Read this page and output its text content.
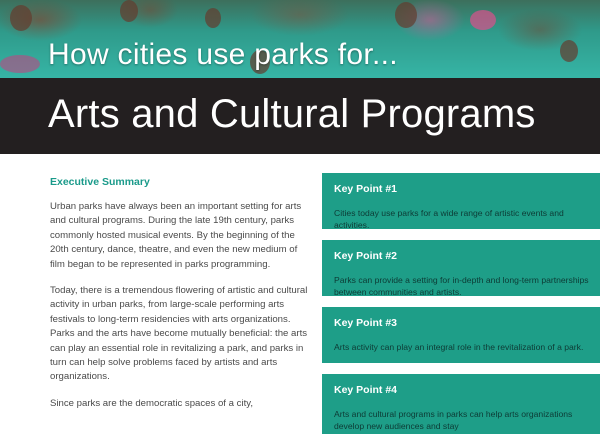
How cities use parks for...
Arts and Cultural Programs
Executive Summary

Urban parks have always been an important setting for arts and cultural programs. During the late 19th century, parks commonly hosted musical events. By the beginning of the 20th century, dance, theatre, and even the new medium of film began to be represented in parks programming.

Today, there is a tremendous flowering of artistic and cultural activity in urban parks, from large-scale performing arts festivals to long-term residencies with arts organizations. Parks and the arts have become mutually beneficial: the arts can play an essential role in revitalizing a park, and parks in turn can help solve problems faced by artists and arts organizations.

Since parks are the democratic spaces of a city,

Key Point #1
Cities today use parks for a wide range of artistic events and activities.
Key Point #2
Parks can provide a setting for in-depth and long-term partnerships between communities and artists.
Key Point #3
Arts activity can play an integral role in the revitalization of a park.
Key Point #4
Arts and cultural programs in parks can help arts organizations develop new audiences and stay
